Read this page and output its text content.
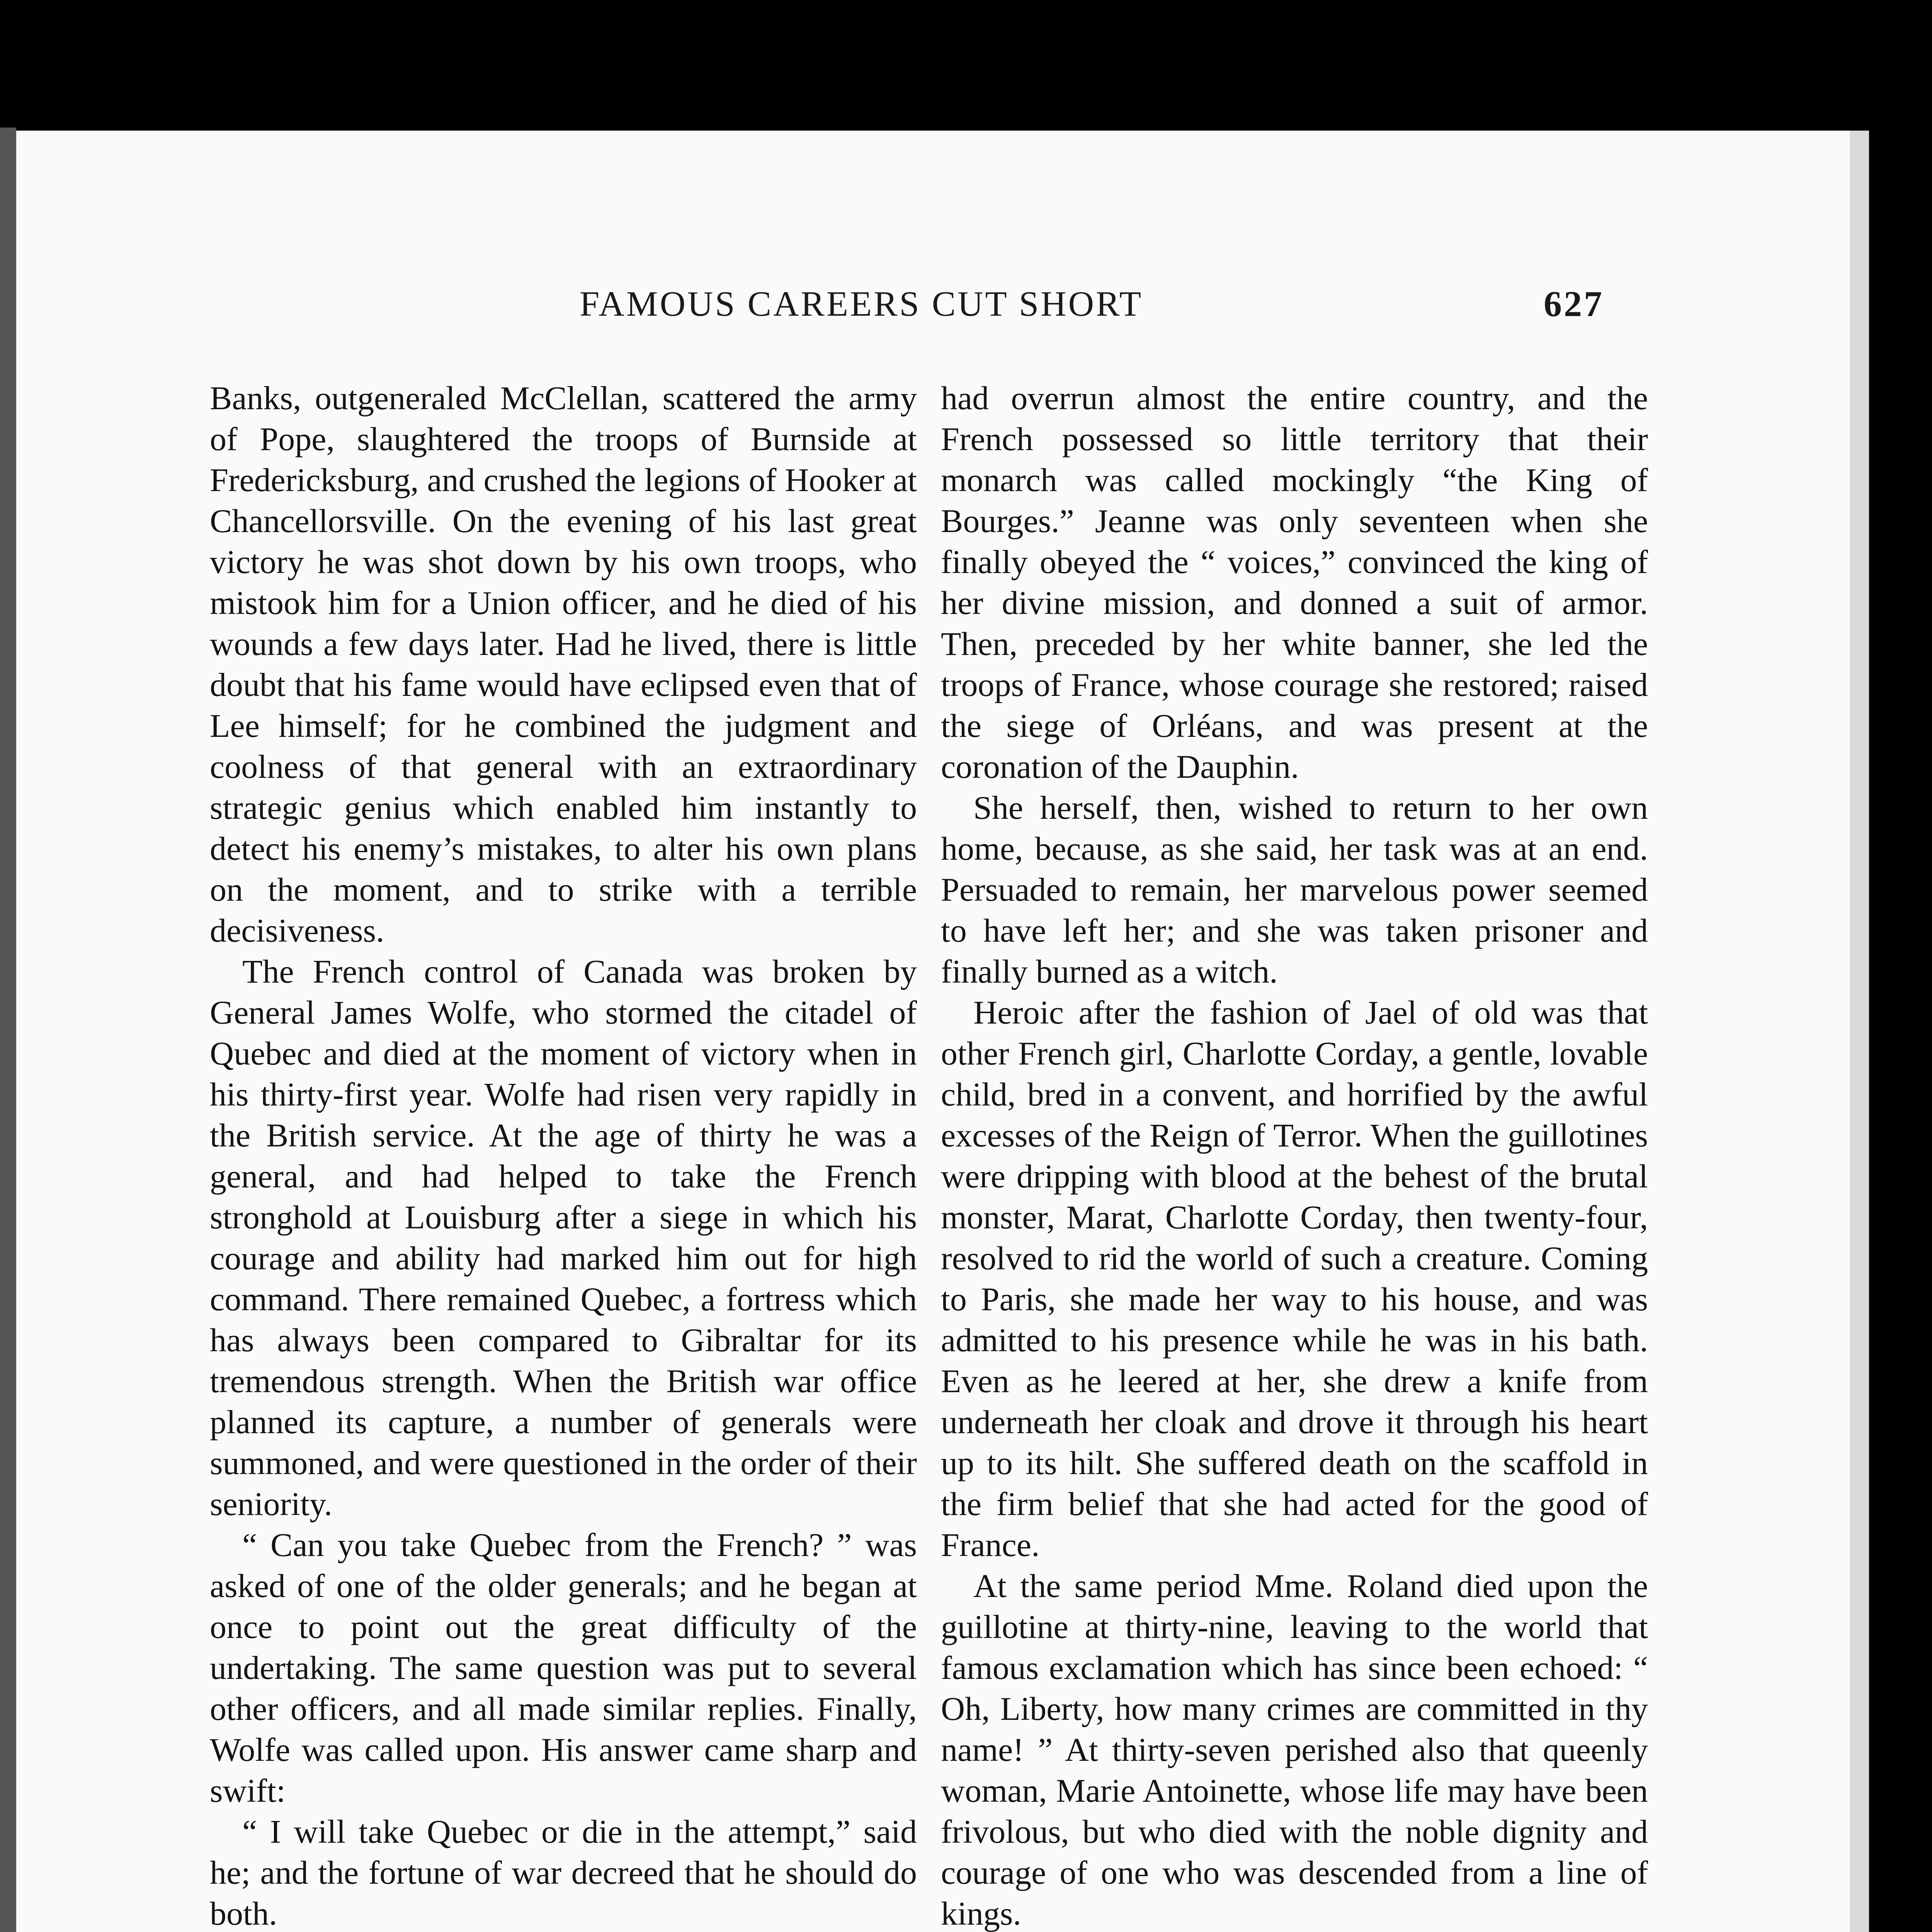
FAMOUS CAREERS CUT SHORT	627

Banks, outgeneraled McClellan, scattered the army of Pope, slaughtered the troops of Burnside at Fredericksburg, and crushed the legions of Hooker at Chancellorsville. On the evening of his last great victory he was shot down by his own troops, who mistook him for a Union officer, and he died of his wounds a few days later. Had he lived, there is little doubt that his fame would have eclipsed even that of Lee himself; for he combined the judgment and coolness of that general with an extraordinary strategic genius which enabled him instantly to detect his enemy’s mistakes, to alter his own plans on the moment, and to strike with a terrible decisiveness.

The French control of Canada was broken by General James Wolfe, who stormed the citadel of Quebec and died at the moment of victory when in his thirty-first year. Wolfe had risen very rapidly in the British service. At the age of thirty he was a general, and had helped to take the French stronghold at Louisburg after a siege in which his courage and ability had marked him out for high command. There remained Quebec, a fortress which has always been compared to Gibraltar for its tremendous strength. When the British war office planned its capture, a number of generals were summoned, and were questioned in the order of their seniority.

“ Can you take Quebec from the French? ” was asked of one of the older generals; and he began at once to point out the great difficulty of the undertaking. The same question was put to several other officers, and all made similar replies. Finally, Wolfe was called upon. His answer came sharp and swift:

“ I will take Quebec or die in the attempt,” said he; and the fortune of war decreed that he should do both.

had overrun almost the entire country, and the French possessed so little territory that their monarch was called mockingly “the King of Bourges.” Jeanne was only seventeen when she finally obeyed the “ voices,” convinced the king of her divine mission, and donned a suit of armor. Then, preceded by her white banner, she led the troops of France, whose courage she restored; raised the siege of Orléans, and was present at the coronation of the Dauphin.

She herself, then, wished to return to her own home, because, as she said, her task was at an end. Persuaded to remain, her marvelous power seemed to have left her; and she was taken prisoner and finally burned as a witch.

Heroic after the fashion of Jael of old was that other French girl, Charlotte Corday, a gentle, lovable child, bred in a convent, and horrified by the awful excesses of the Reign of Terror. When the guillotines were dripping with blood at the behest of the brutal monster, Marat, Charlotte Corday, then twenty-four, resolved to rid the world of such a creature. Coming to Paris, she made her way to his house, and was admitted to his presence while he was in his bath. Even as he leered at her, she drew a knife from underneath her cloak and drove it through his heart up to its hilt. She suffered death on the scaffold in the firm belief that she had acted for the good of France.

At the same period Mme. Roland died upon the guillotine at thirty-nine, leaving to the world that famous exclamation which has since been echoed: “ Oh, Liberty, how many crimes are committed in thy name! ” At thirty-seven perished also that queenly woman, Marie Antoinette, whose life may have been frivolous, but who died with the noble dignity and courage of one who was descended from a line of kings.
